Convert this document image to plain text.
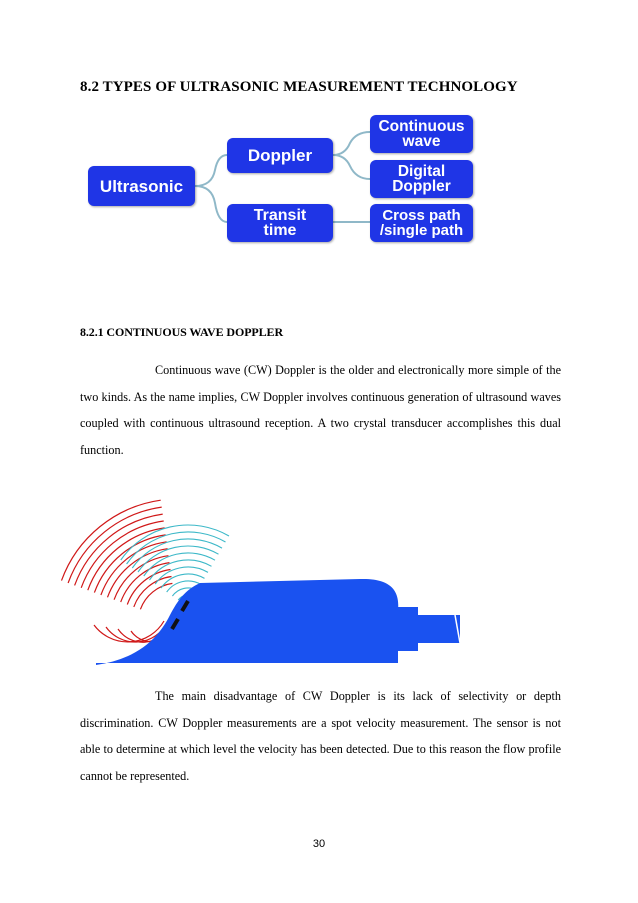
8.2 TYPES OF ULTRASONIC MEASUREMENT TECHNOLOGY
Ultrasonic
Doppler
Transit
time
Continuous
wave
Digital
Doppler
Cross path
/single path
8.2.1 CONTINUOUS WAVE DOPPLER
Continuous wave (CW) Doppler is the older and electronically more simple of the two kinds. As the name implies, CW Doppler involves continuous generation of ultrasound waves coupled with continuous ultrasound reception. A two crystal transducer accomplishes this dual function.
The main disadvantage of CW Doppler is its lack of selectivity or depth discrimination. CW Doppler measurements are a spot velocity measurement. The sensor is not able to determine at which level the velocity has been detected. Due to this reason the flow profile cannot be represented.
30
